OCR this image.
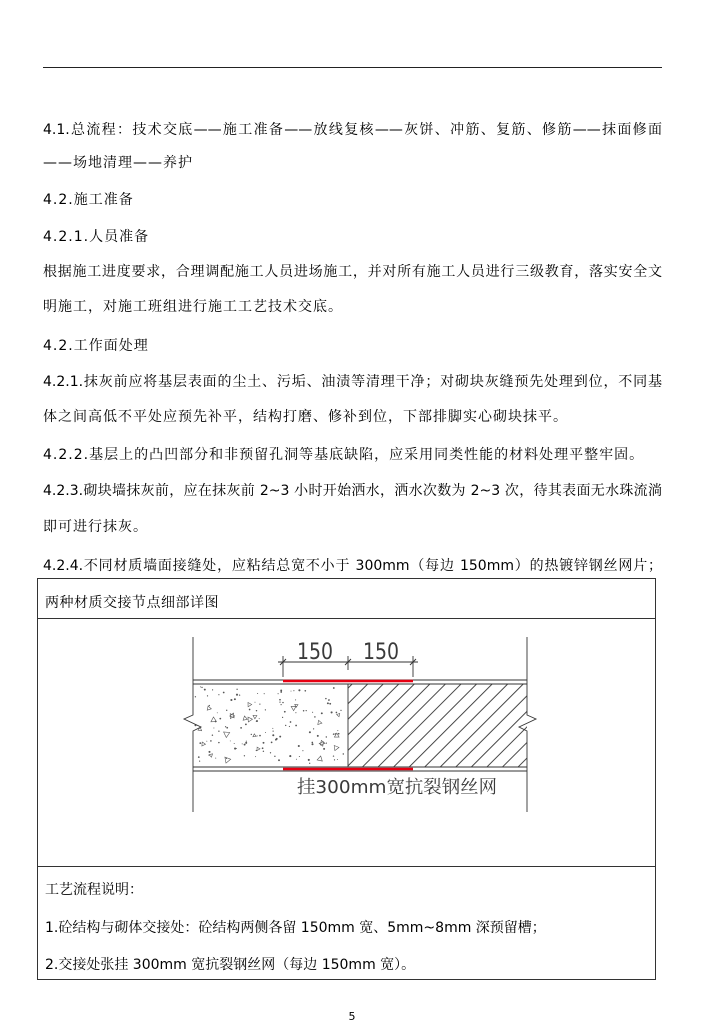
4.1.总流程：技术交底——施工准备——放线复核——灰饼、冲筋、复筋、修筋——抹面修面
——场地清理——养护
4.2.施工准备
4.2.1.人员准备
根据施工进度要求，合理调配施工人员进场施工，并对所有施工人员进行三级教育，落实安全文
明施工，对施工班组进行施工工艺技术交底。
4.2.工作面处理
4.2.1.抹灰前应将基层表面的尘土、污垢、油渍等清理干净；对砌块灰缝预先处理到位，不同基
体之间高低不平处应预先补平，结构打磨、修补到位，下部排脚实心砌块抹平。
4.2.2.基层上的凸凹部分和非预留孔洞等基底缺陷，应采用同类性能的材料处理平整牢固。
4.2.3.砌块墙抹灰前，应在抹灰前 2~3 小时开始洒水，洒水次数为 2~3 次，待其表面无水珠流淌
即可进行抹灰。
4.2.4.不同材质墙面接缝处，应粘结总宽不小于 300mm（每边 150mm）的热镀锌钢丝网片；
两种材质交接节点细部详图
150 150
挂300mm宽抗裂钢丝网
工艺流程说明：
1.砼结构与砌体交接处：砼结构两侧各留 150mm 宽、5mm~8mm 深预留槽；
2.交接处张挂 300mm 宽抗裂钢丝网（每边 150mm 宽）。
5
